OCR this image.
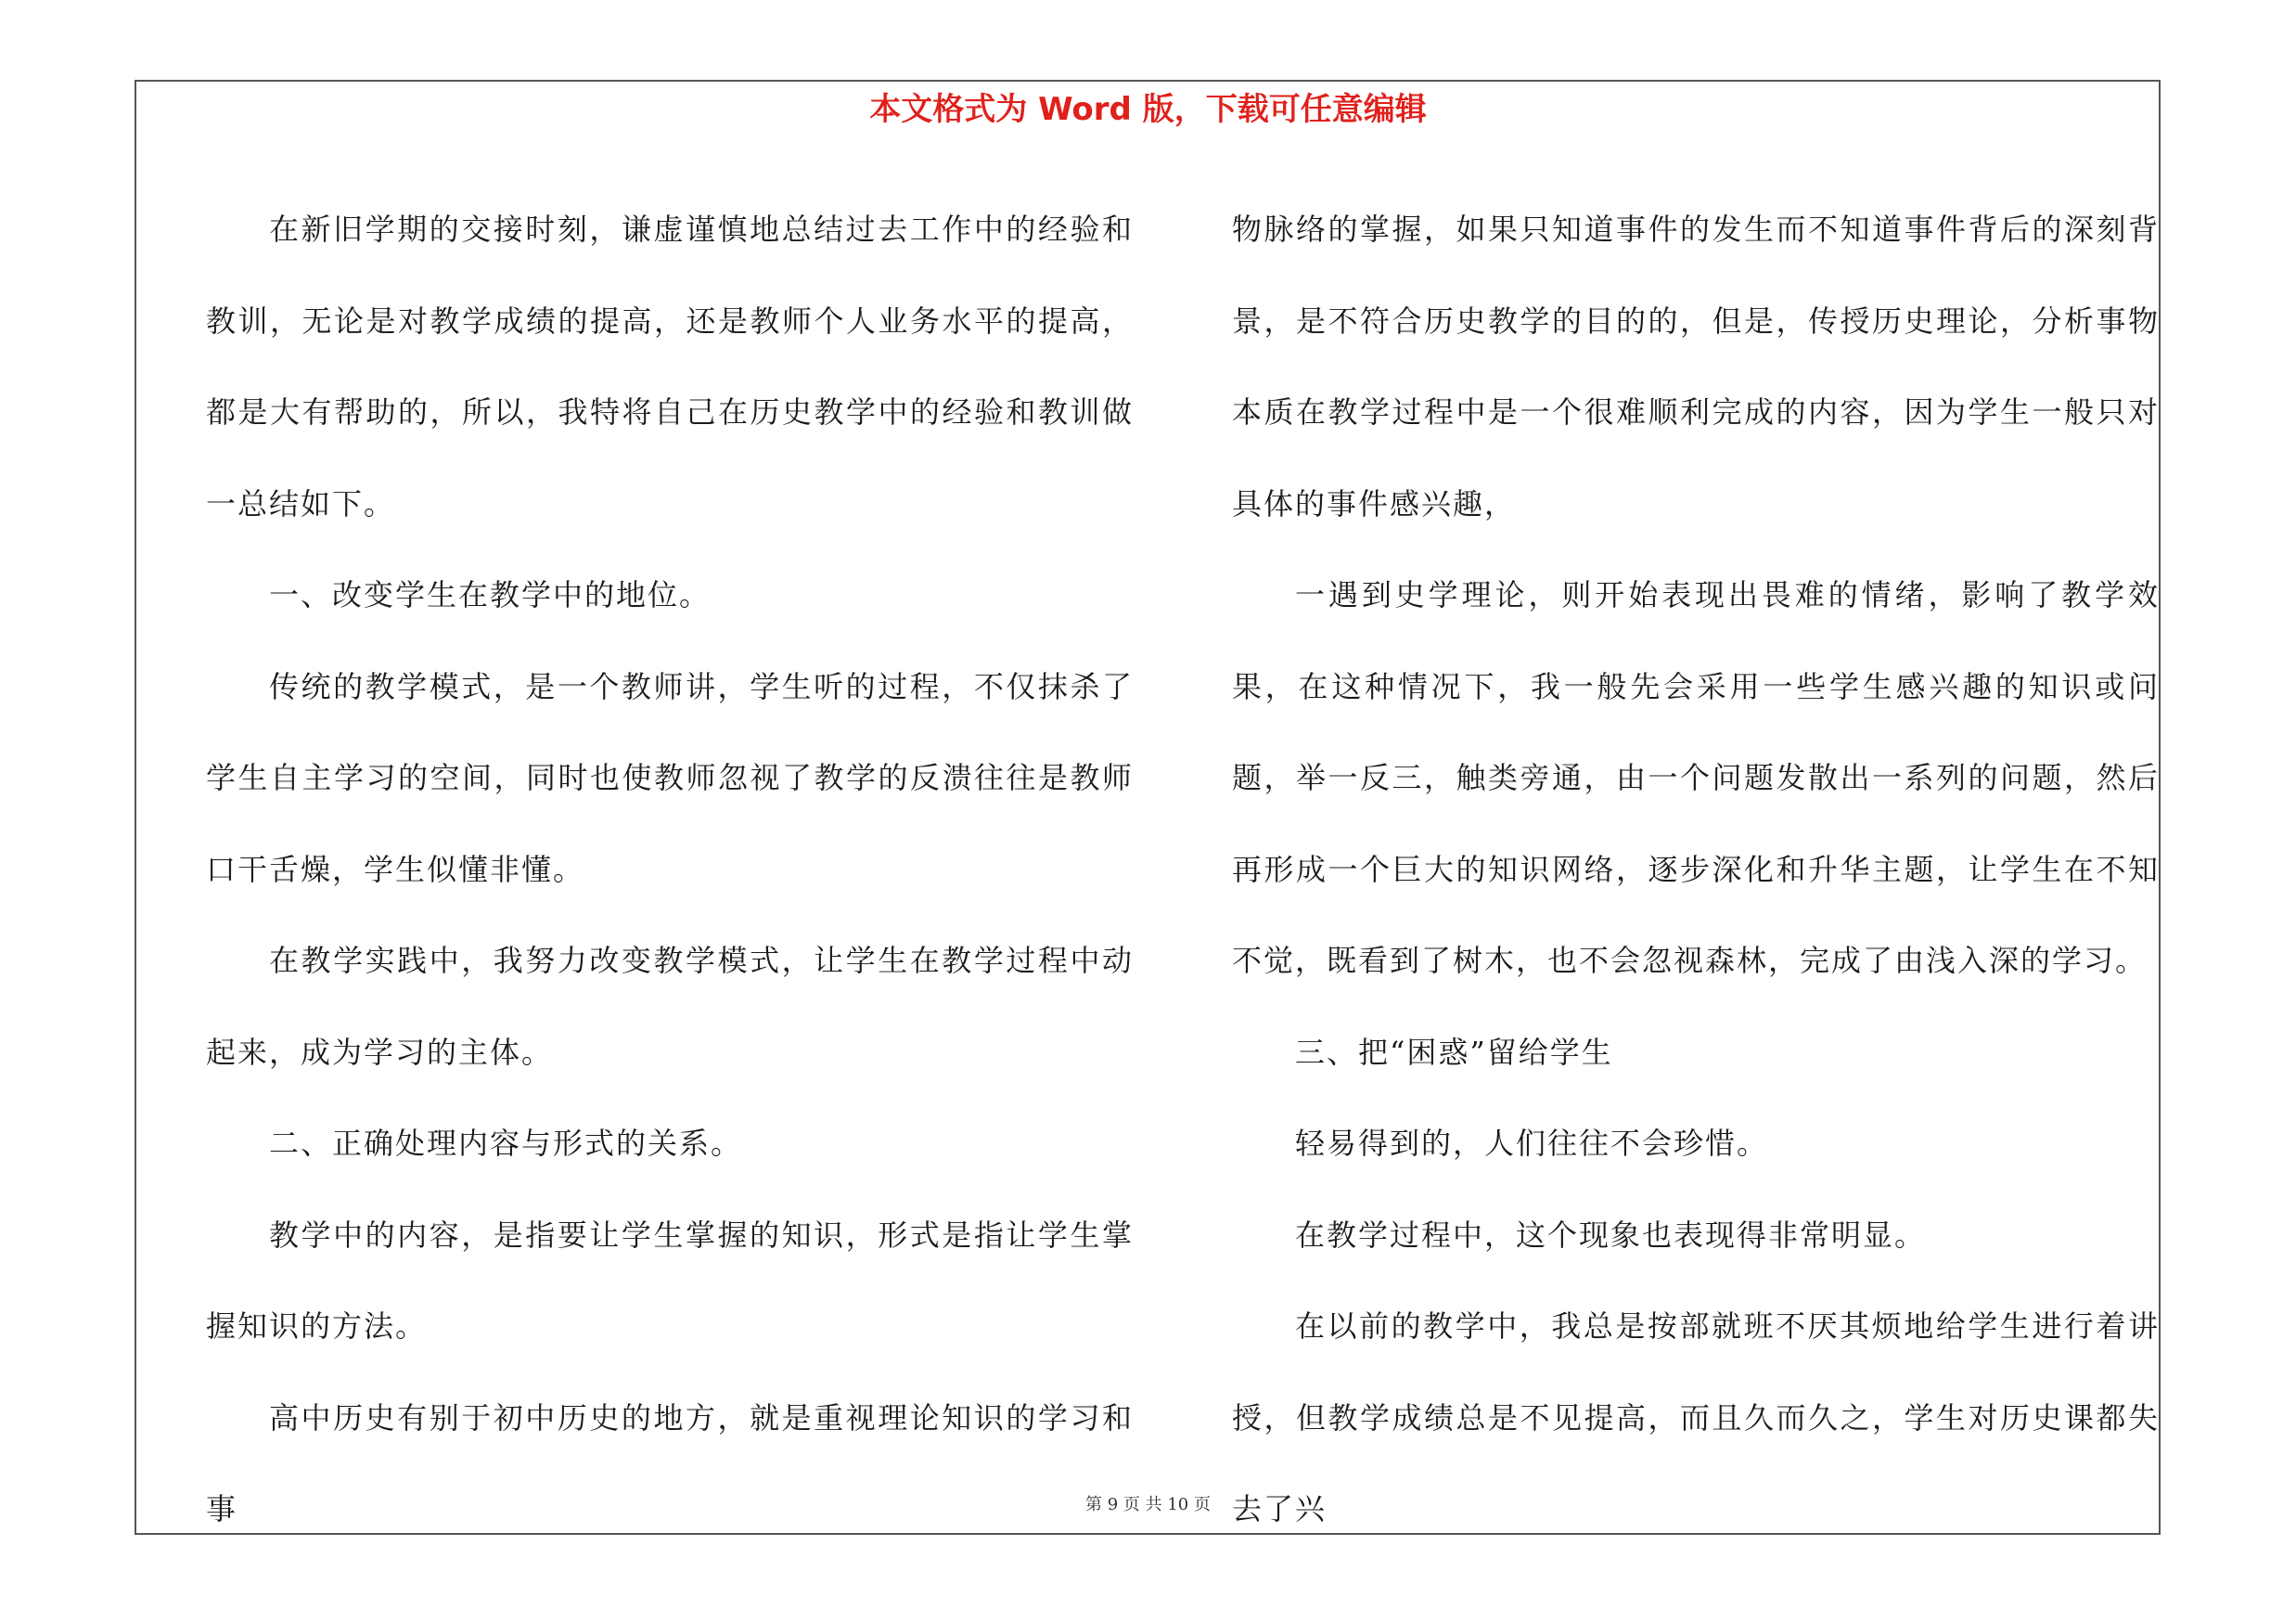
本文格式为 Word 版，下载可任意编辑

在新旧学期的交接时刻，谦虚谨慎地总结过去工作中的经验和教训，无论是对教学成绩的提高，还是教师个人业务水平的提高，都是大有帮助的，所以，我特将自己在历史教学中的经验和教训做一总结如下。

一、改变学生在教学中的地位。

传统的教学模式，是一个教师讲，学生听的过程，不仅抹杀了学生自主学习的空间，同时也使教师忽视了教学的反溃往往是教师口干舌燥，学生似懂非懂。

在教学实践中，我努力改变教学模式，让学生在教学过程中动起来，成为学习的主体。

二、正确处理内容与形式的关系。

教学中的内容，是指要让学生掌握的知识，形式是指让学生掌握知识的方法。

高中历史有别于初中历史的地方，就是重视理论知识的学习和事

物脉络的掌握，如果只知道事件的发生而不知道事件背后的深刻背景，是不符合历史教学的目的的，但是，传授历史理论，分析事物本质在教学过程中是一个很难顺利完成的内容，因为学生一般只对具体的事件感兴趣，

一遇到史学理论，则开始表现出畏难的情绪，影响了教学效果，在这种情况下，我一般先会采用一些学生感兴趣的知识或问题，举一反三，触类旁通，由一个问题发散出一系列的问题，然后再形成一个巨大的知识网络，逐步深化和升华主题，让学生在不知不觉，既看到了树木，也不会忽视森林，完成了由浅入深的学习。

三、把“困惑”留给学生

轻易得到的，人们往往不会珍惜。

在教学过程中，这个现象也表现得非常明显。

在以前的教学中，我总是按部就班不厌其烦地给学生进行着讲授，但教学成绩总是不见提高，而且久而久之，学生对历史课都失去了兴

第 9 页 共 10 页
